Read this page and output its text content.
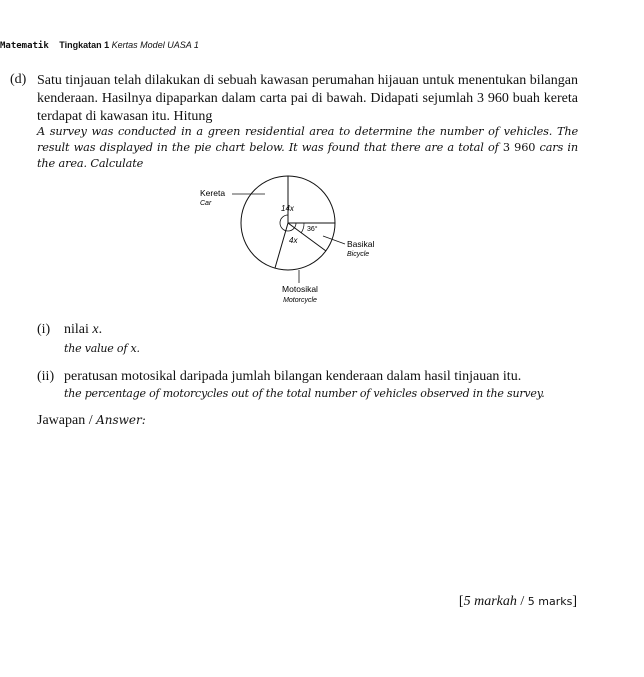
Matematik Tingkatan 1 Kertas Model UASA 1
(d) Satu tinjauan telah dilakukan di sebuah kawasan perumahan hijauan untuk menentukan bilangan kenderaan. Hasilnya dipaparkan dalam carta pai di bawah. Didapati sejumlah 3 960 buah kereta terdapat di kawasan itu. Hitung
A survey was conducted in a green residential area to determine the number of vehicles. The result was displayed in the pie chart below. It was found that there are a total of 3 960 cars in the area. Calculate
14x
36°
4x
Kereta
Car
Basikal
Bicycle
Motosikal
Motorcycle
(i) nilai x.
the value of x.
(ii) peratusan motosikal daripada jumlah bilangan kenderaan dalam hasil tinjauan itu.
the percentage of motorcycles out of the total number of vehicles observed in the survey.
Jawapan / Answer:
[5 markah / 5 marks]
